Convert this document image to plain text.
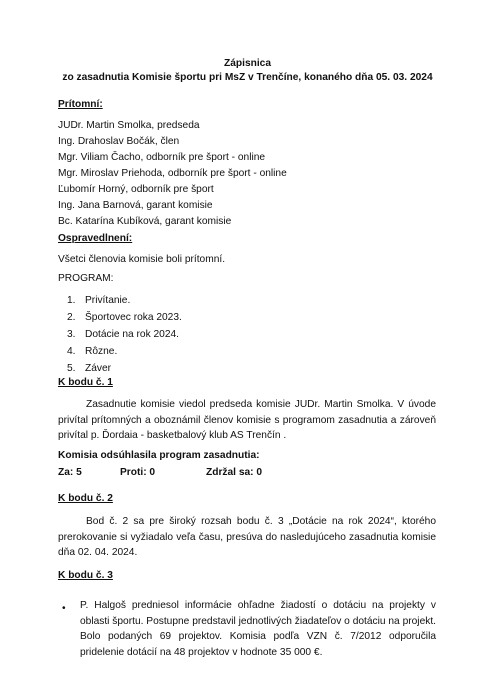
Zápisnica
zo zasadnutia Komisie športu pri MsZ v Trenčíne, konaného dňa 05. 03. 2024
Prítomní:
JUDr. Martin Smolka, predseda
Ing. Drahoslav Bočák, člen
Mgr. Viliam Čacho, odborník pre šport - online
Mgr. Miroslav Priehoda, odborník pre šport - online
Ľubomír Horný, odborník pre šport
Ing. Jana Barnová, garant komisie
Bc. Katarína Kubíková, garant komisie
Ospravedlnení:
Všetci členovia komisie boli prítomní.
PROGRAM:
1. Privítanie.
2. Športovec roka 2023.
3. Dotácie na rok 2024.
4. Rôzne.
5. Záver
K bodu č. 1
Zasadnutie komisie viedol predseda komisie JUDr. Martin Smolka. V úvode privítal prítomných a oboznámil členov komisie s programom zasadnutia a zároveň privítal p. Ďordaia - basketbalový klub AS Trenčín .
Komisia odsúhlasila program zasadnutia:
Za: 5	Proti: 0	Zdržal sa: 0
K bodu č. 2
Bod č. 2 sa pre široký rozsah bodu č. 3 „Dotácie na rok 2024“, ktorého prerokovanie si vyžiadalo veľa času, presúva do nasledujúceho zasadnutia komisie dňa 02. 04. 2024.
K bodu č. 3
• P. Halgoš predniesol informácie ohľadne žiadostí o dotáciu na projekty v oblasti športu. Postupne predstavil jednotlivých žiadateľov o dotáciu na projekt. Bolo podaných 69 projektov. Komisia podľa VZN č. 7/2012 odporučila pridelenie dotácií na 48 projektov v hodnote 35 000 €.
